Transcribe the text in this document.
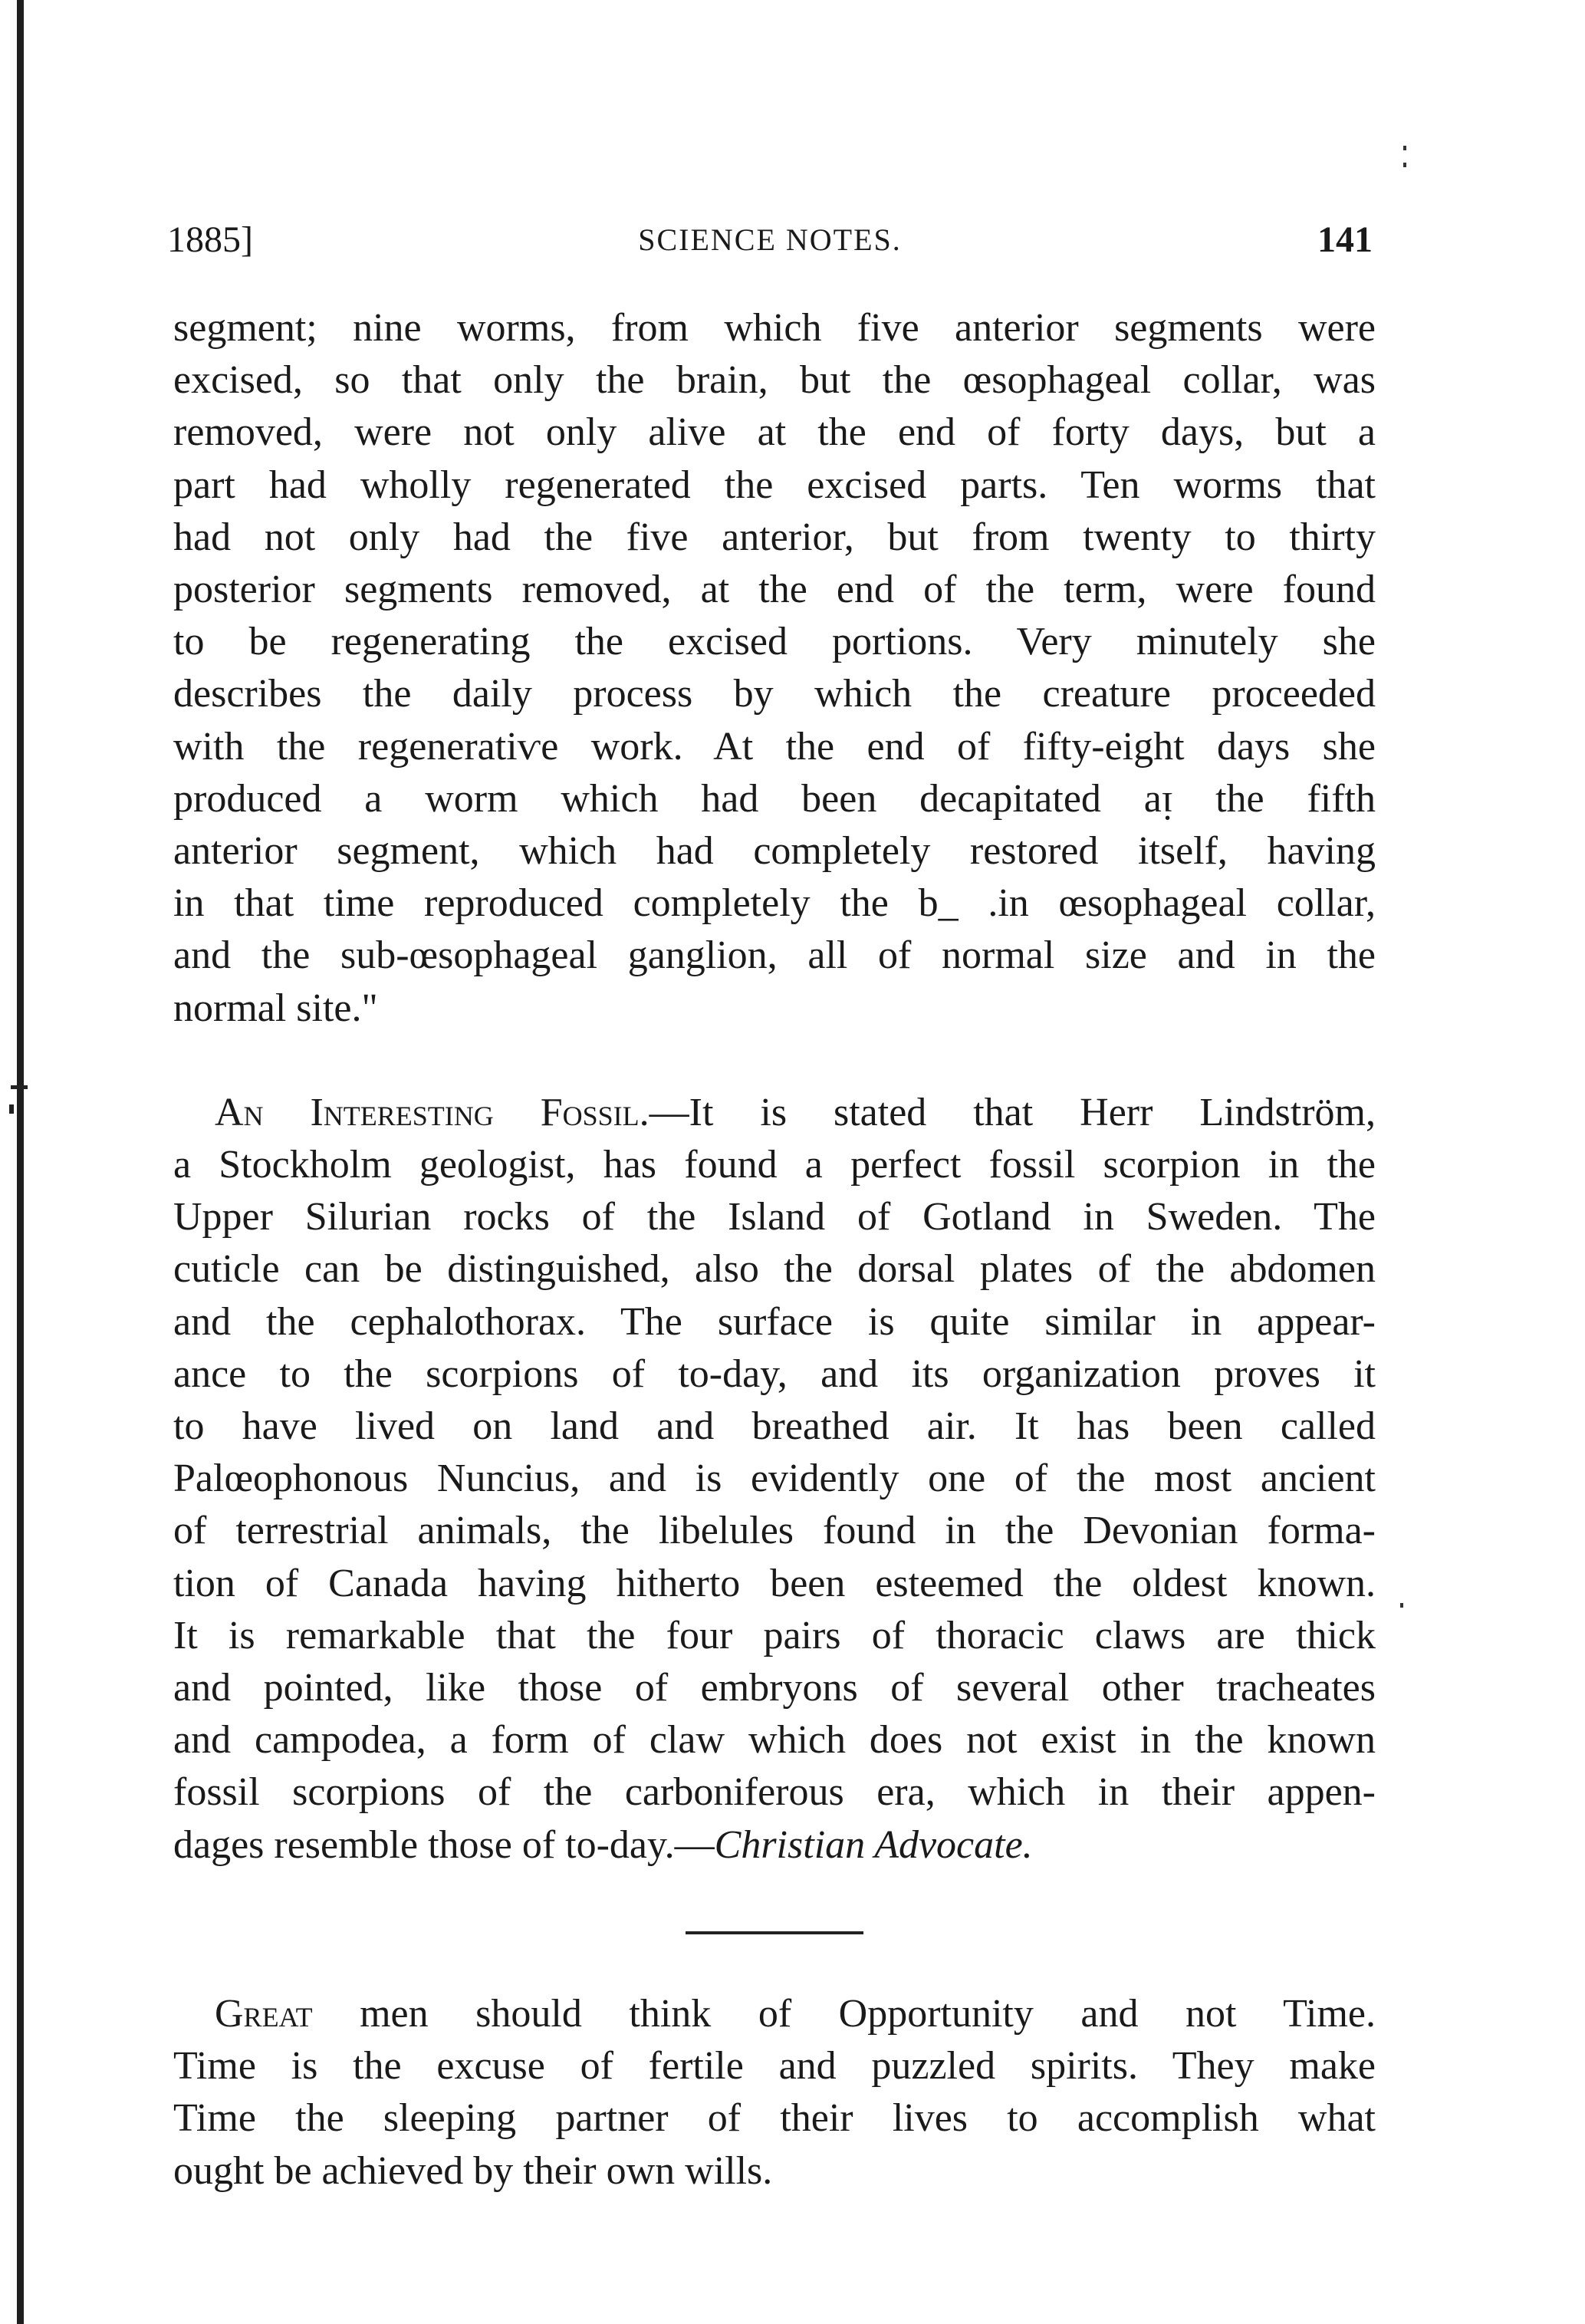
1885]	SCIENCE NOTES.	141

segment; nine worms, from which five anterior segments were
excised, so that only the brain, but the œsophageal collar, was
removed, were not only alive at the end of forty days, but a
part had wholly regenerated the excised parts. Ten worms that
had not only had the five anterior, but from twenty to thirty
posterior segments removed, at the end of the term, were found
to be regenerating the excised portions. Very minutely she
describes the daily process by which the creature proceeded
with the regeneratiѵe work. At the end of fifty-eight days she
produced a worm which had been decapitated aᴉ the fifth
anterior segment, which had completely restored itself, having
in that time reproduced completely the b_ .in œsophageal collar,
and the sub-œsophageal ganglion, all of normal size and in the
normal site."

An Interesting Fossil.—It is stated that Herr Lindström,
a Stockholm geologist, has found a perfect fossil scorpion in the
Upper Silurian rocks of the Island of Gotland in Sweden. The
cuticle can be distinguished, also the dorsal plates of the abdomen
and the cephalothorax. The surface is quite similar in appear-
ance to the scorpions of to-day, and its organization proves it
to have lived on land and breathed air. It has been called
Palœophonous Nuncius, and is evidently one of the most ancient
of terrestrial animals, the libelules found in the Devonian forma-
tion of Canada having hitherto been esteemed the oldest known.
It is remarkable that the four pairs of thoracic claws are thick
and pointed, like those of embryons of several other tracheates
and campodea, a form of claw which does not exist in the known
fossil scorpions of the carboniferous era, which in their appen-
dages resemble those of to-day.—Christian Advocate.

Great men should think of Opportunity and not Time.
Time is the excuse of fertile and puzzled spirits. They make
Time the sleeping partner of their lives to accomplish what
ought be achieved by their own wills.
